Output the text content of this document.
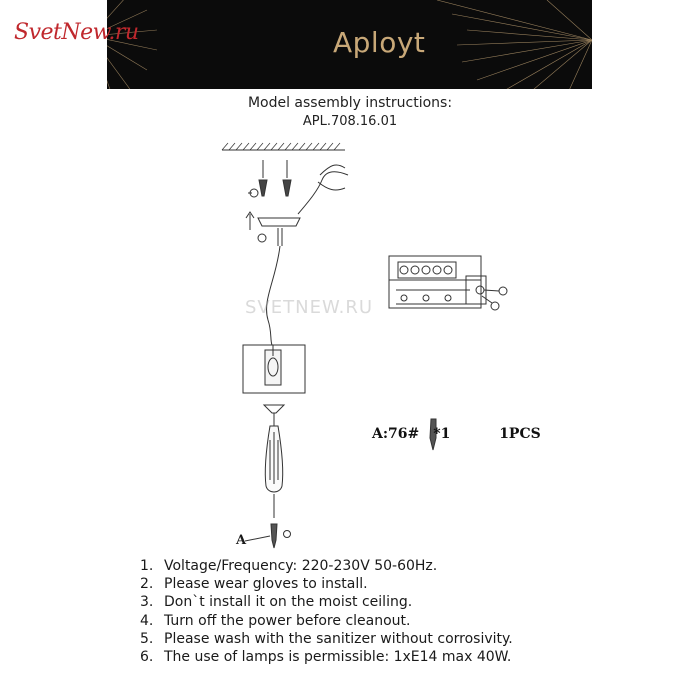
Aployt
SvetNew.ru
Model assembly instructions:
APL.708.16.01
SVETNEW.RU
A:76# *1	1PCS
A
1. Voltage/Frequency: 220-230V 50-60Hz.
2. Please wear gloves to install.
3. Don`t install it on the moist ceiling.
4. Turn off the power before cleanout.
5. Please wash with the sanitizer without corrosivity.
6. The use of lamps is permissible: 1xE14 max 40W.
